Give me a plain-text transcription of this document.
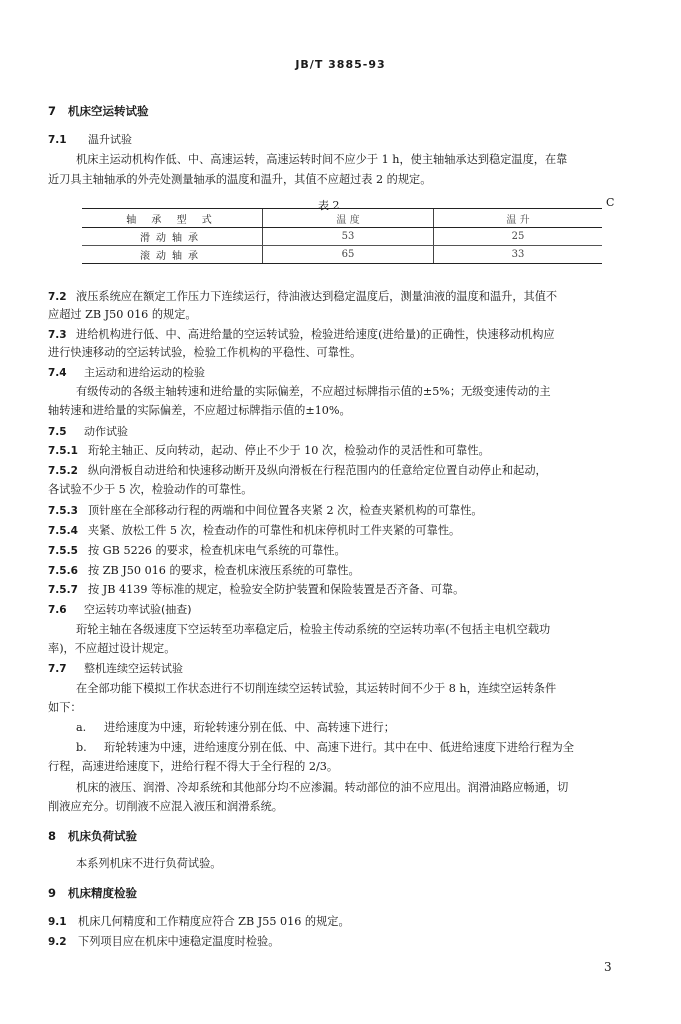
JB/T 3885-93
7 机床空运转试验
7.1 温升试验
机床主运动机构作低、中、高速运转，高速运转时间不应少于 1 h，使主轴轴承达到稳定温度，在靠
近刀具主轴轴承的外壳处测量轴承的温度和温升，其值不应超过表 2 的规定。
表 2	C
轴 承 型 式	温 度	温 升
滑动轴承	53	25
滚动轴承	65	33
7.2 液压系统应在额定工作压力下连续运行，待油液达到稳定温度后，测量油液的温度和温升，其值不
应超过 ZB J50 016 的规定。
7.3 进给机构进行低、中、高进给量的空运转试验，检验进给速度(进给量)的正确性，快速移动机构应
进行快速移动的空运转试验，检验工作机构的平稳性、可靠性。
7.4 主运动和进给运动的检验
有级传动的各级主轴转速和进给量的实际偏差，不应超过标牌指示值的±5%；无级变速传动的主
轴转速和进给量的实际偏差，不应超过标牌指示值的±10%。
7.5 动作试验
7.5.1 珩轮主轴正、反向转动，起动、停止不少于 10 次，检验动作的灵活性和可靠性。
7.5.2 纵向滑板自动进给和快速移动断开及纵向滑板在行程范围内的任意给定位置自动停止和起动，
各试验不少于 5 次，检验动作的可靠性。
7.5.3 顶针座在全部移动行程的两端和中间位置各夹紧 2 次，检查夹紧机构的可靠性。
7.5.4 夹紧、放松工件 5 次，检查动作的可靠性和机床停机时工件夹紧的可靠性。
7.5.5 按 GB 5226 的要求，检查机床电气系统的可靠性。
7.5.6 按 ZB J50 016 的要求，检查机床液压系统的可靠性。
7.5.7 按 JB 4139 等标准的规定，检验安全防护装置和保险装置是否齐备、可靠。
7.6 空运转功率试验(抽查)
珩轮主轴在各级速度下空运转至功率稳定后，检验主传动系统的空运转功率(不包括主电机空载功
率)，不应超过设计规定。
7.7 整机连续空运转试验
在全部功能下模拟工作状态进行不切削连续空运转试验，其运转时间不少于 8 h，连续空运转条件
如下：
a. 进给速度为中速，珩轮转速分别在低、中、高转速下进行；
b. 珩轮转速为中速，进给速度分别在低、中、高速下进行。其中在中、低进给速度下进给行程为全
行程，高速进给速度下，进给行程不得大于全行程的 2/3。
机床的液压、润滑、冷却系统和其他部分均不应渗漏。转动部位的油不应甩出。润滑油路应畅通，切
削液应充分。切削液不应混入液压和润滑系统。
8 机床负荷试验
本系列机床不进行负荷试验。
9 机床精度检验
9.1 机床几何精度和工作精度应符合 ZB J55 016 的规定。
9.2 下列项目应在机床中速稳定温度时检验。
3
